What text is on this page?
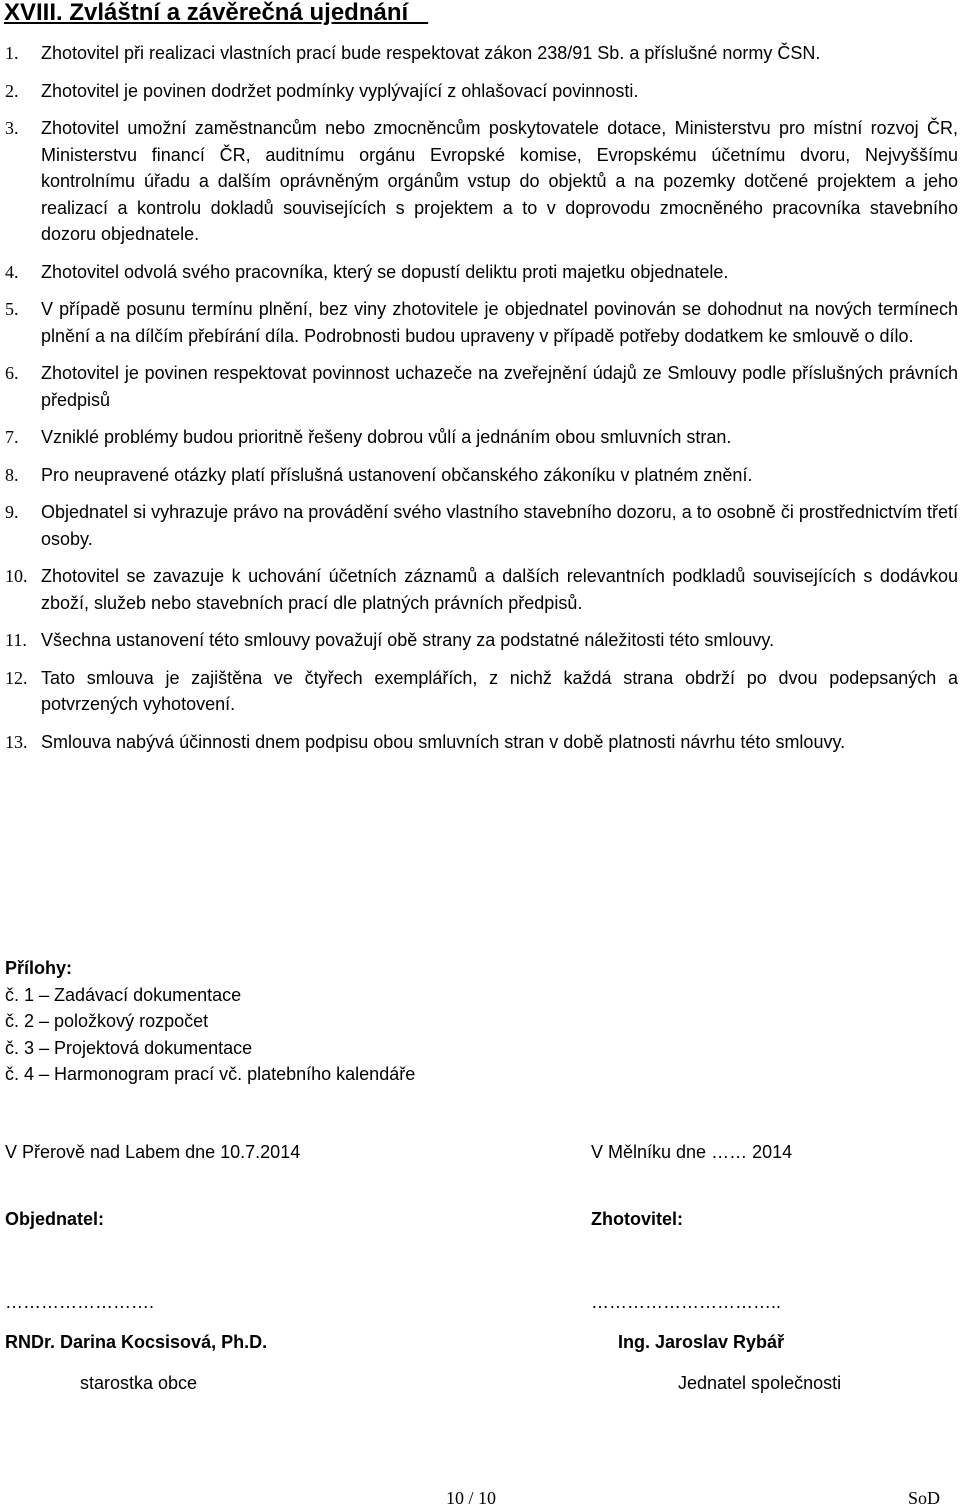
XVIII. Zvláštní a závěrečná ujednání
1. Zhotovitel při realizaci vlastních prací bude respektovat zákon 238/91 Sb. a příslušné normy ČSN.
2. Zhotovitel je povinen dodržet podmínky vyplývající z ohlašovací povinnosti.
3. Zhotovitel umožní zaměstnancům nebo zmocněncům poskytovatele dotace, Ministerstvu pro místní rozvoj ČR, Ministerstvu financí ČR, auditnímu orgánu Evropské komise, Evropskému účetnímu dvoru, Nejvyššímu kontrolnímu úřadu a dalším oprávněným orgánům vstup do objektů a na pozemky dotčené projektem a jeho realizací a kontrolu dokladů souvisejících s projektem a to v doprovodu zmocněného pracovníka stavebního dozoru objednatele.
4. Zhotovitel odvolá svého pracovníka, který se dopustí deliktu proti majetku objednatele.
5. V případě posunu termínu plnění, bez viny zhotovitele je objednatel povinován se dohodnut na nových termínech plnění a na dílčím přebírání díla. Podrobnosti budou upraveny v případě potřeby dodatkem ke smlouvě o dílo.
6. Zhotovitel je povinen respektovat povinnost uchazeče na zveřejnění údajů ze Smlouvy podle příslušných právních předpisů
7. Vzniklé problémy budou prioritně řešeny dobrou vůlí a jednáním obou smluvních stran.
8. Pro neupravené otázky platí příslušná ustanovení občanského zákoníku v platném znění.
9. Objednatel si vyhrazuje právo na provádění svého vlastního stavebního dozoru, a to osobně či prostřednictvím třetí osoby.
10. Zhotovitel se zavazuje k uchování účetních záznamů a dalších relevantních podkladů souvisejících s dodávkou zboží, služeb nebo stavebních prací dle platných právních předpisů.
11. Všechna ustanovení této smlouvy považují obě strany za podstatné náležitosti této smlouvy.
12. Tato smlouva je zajištěna ve čtyřech exemplářích, z nichž každá strana obdrží po dvou podepsaných a potvrzených vyhotovení.
13. Smlouva nabývá účinnosti dnem podpisu obou smluvních stran v době platnosti návrhu této smlouvy.

Přílohy:

č. 1 – Zadávací dokumentace

č. 2 – položkový rozpočet

č. 3 – Projektová dokumentace

č. 4 – Harmonogram prací vč. platebního kalendáře

V Přerově nad Labem dne 10.7.2014	V Mělníku dne …… 2014
Objednatel:	Zhotovitel:
…………………….	…………………………..
RNDr. Darina Kocsisová, Ph.D.	Ing. Jaroslav Rybář
starostka obce	Jednatel společnosti
10 / 10	SoD
